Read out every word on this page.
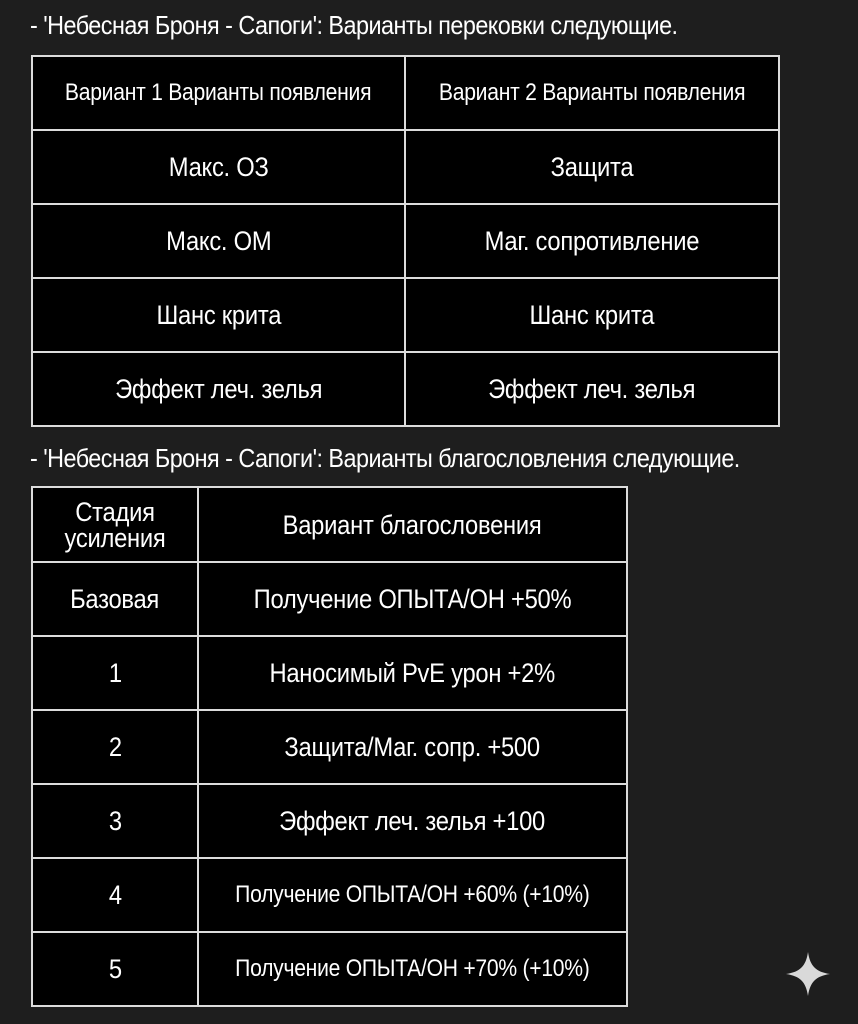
- 'Небесная Броня - Сапоги': Варианты перековки следующие.
Вариант 1 Варианты появления	Вариант 2 Варианты появления
Макс. ОЗ	Защита
Макс. ОМ	Маг. сопротивление
Шанс крита	Шанс крита
Эффект леч. зелья	Эффект леч. зелья
- 'Небесная Броня - Сапоги': Варианты благословления следующие.
Стадия усиления	Вариант благословения
Базовая	Получение ОПЫТА/ОН +50%
1	Наносимый PvE урон +2%
2	Защита/Маг. сопр. +500
3	Эффект леч. зелья +100
4	Получение ОПЫТА/ОН +60% (+10%)
5	Получение ОПЫТА/ОН +70% (+10%)
